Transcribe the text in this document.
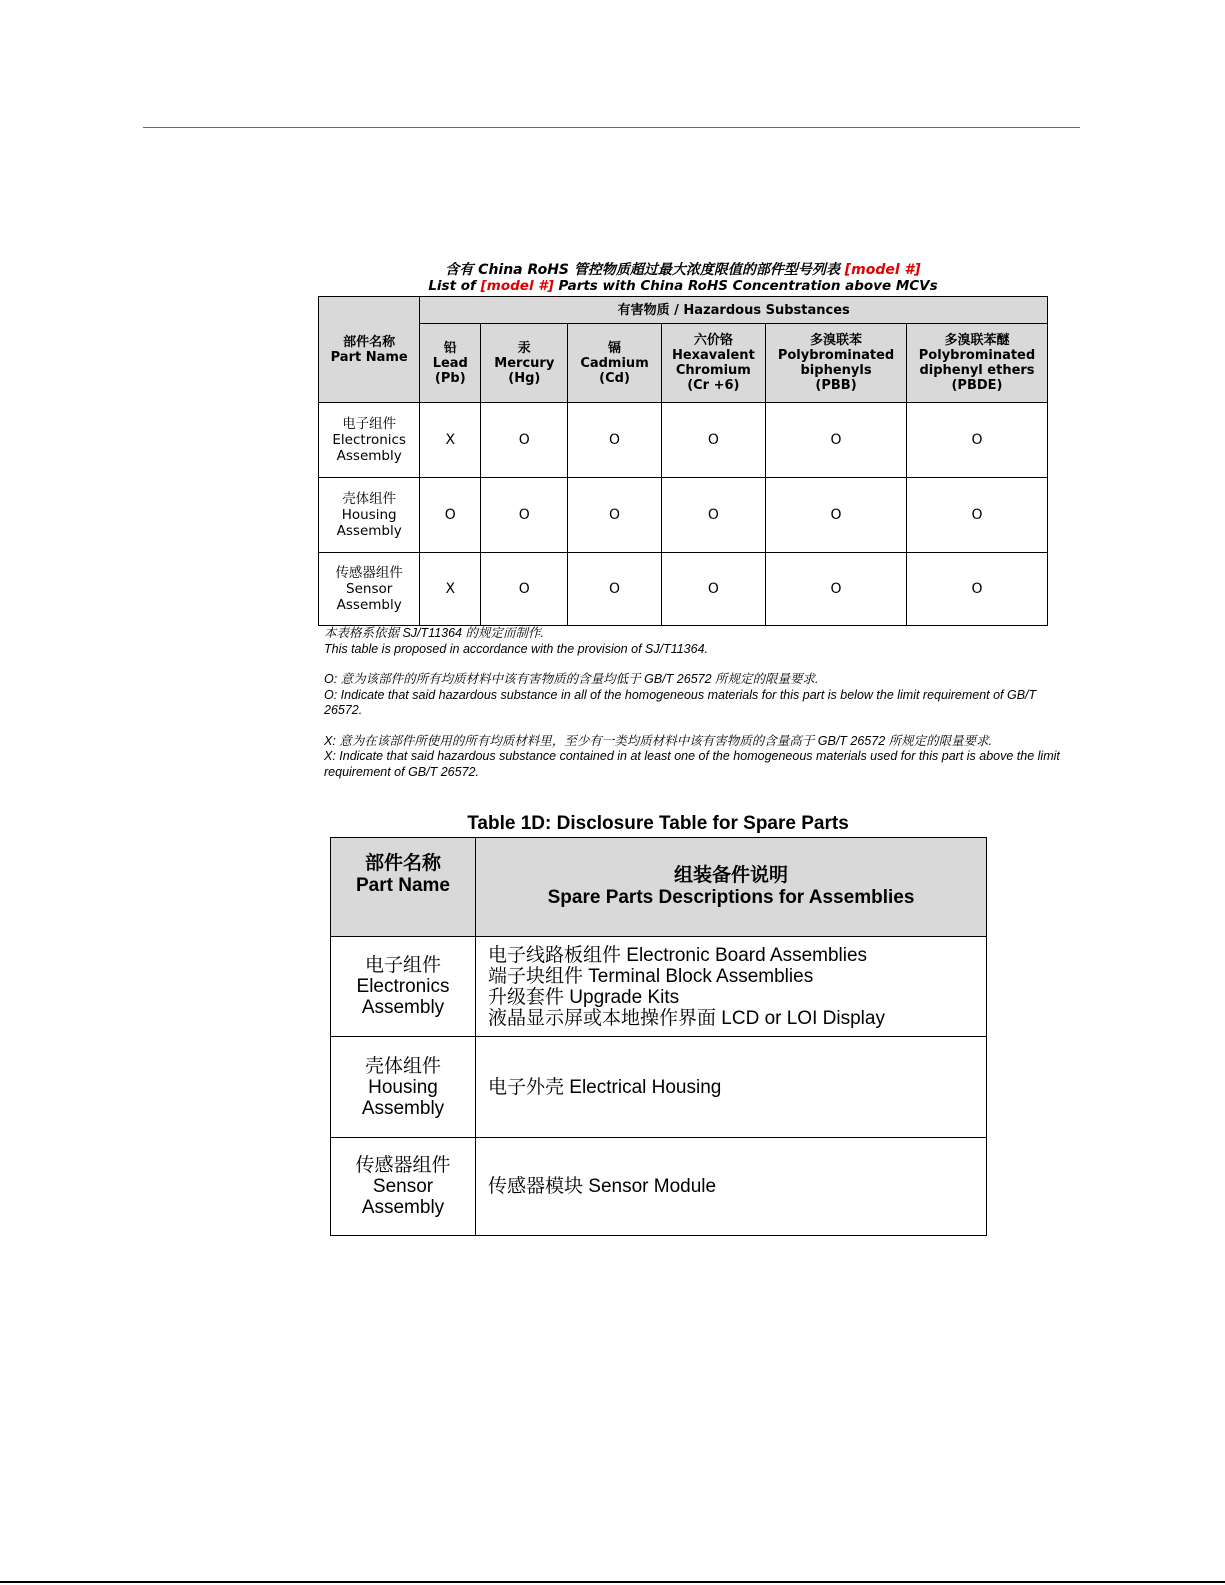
含有 China RoHS 管控物质超过最大浓度限值的部件型号列表 [model #]
List of [model #] Parts with China RoHS Concentration above MCVs
部件名称
Part Name	有害物质 / Hazardous Substances					

	铅
Lead
(Pb)	汞
Mercury
(Hg)	镉
Cadmium
(Cd)	六价铬
Hexavalent
Chromium
(Cr +6)	多溴联苯
Polybrominated
biphenyls
(PBB)	多溴联苯醚
Polybrominated
diphenyl ethers
(PBDE)

电子组件
Electronics
Assembly	X	O	O	O	O	O

壳体组件
Housing
Assembly	O	O	O	O	O	O

传感器组件
Sensor
Assembly	X	O	O	O	O	O

本表格系依据 SJ/T11364 的规定而制作.

This table is proposed in accordance with the provision of SJ/T11364.

O: 意为该部件的所有均质材料中该有害物质的含量均低于 GB/T 26572 所规定的限量要求.

O: Indicate that said hazardous substance in all of the homogeneous materials for this part is below the limit requirement of GB/T 26572.

X: 意为在该部件所使用的所有均质材料里，至少有一类均质材料中该有害物质的含量高于 GB/T 26572 所规定的限量要求.

X: Indicate that said hazardous substance contained in at least one of the homogeneous materials used for this part is above the limit requirement of GB/T 26572.

Table 1D: Disclosure Table for Spare Parts
部件名称
Part Name	组装备件说明
Spare Parts Descriptions for Assemblies

电子组件
Electronics
Assembly	电子线路板组件 Electronic Board Assemblies
端子块组件 Terminal Block Assemblies
升级套件 Upgrade Kits
液晶显示屏或本地操作界面 LCD or LOI Display

壳体组件
Housing
Assembly	电子外壳 Electrical Housing

传感器组件
Sensor
Assembly	传感器模块 Sensor Module
